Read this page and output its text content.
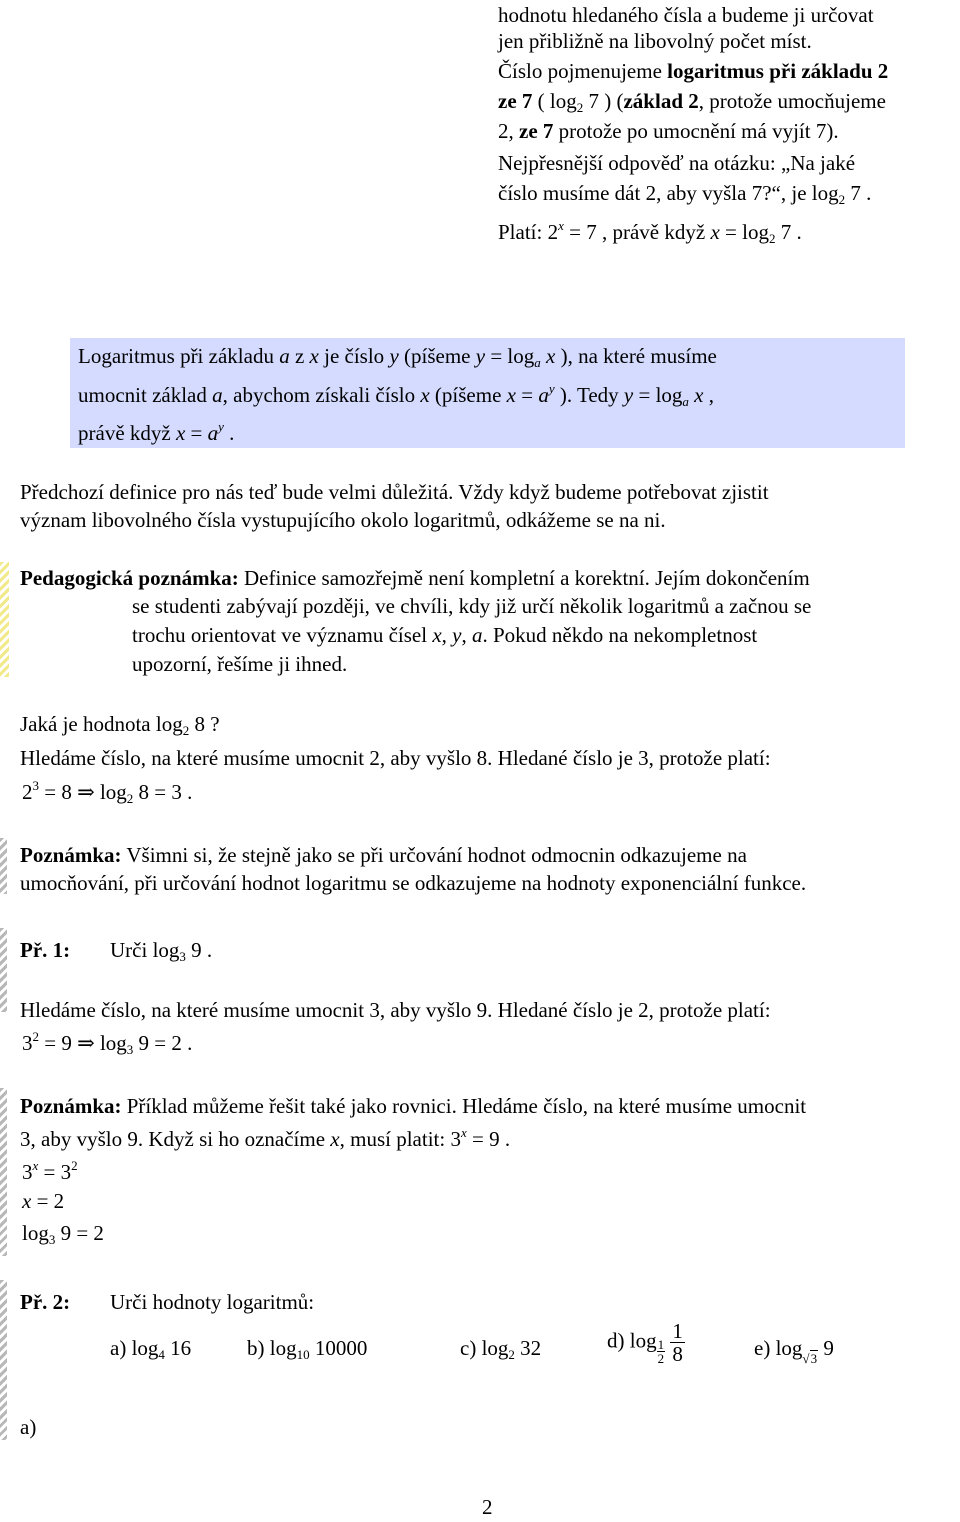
hodnotu hledaného čísla a budeme ji určovat
jen přibližně na libovolný počet míst.
Číslo pojmenujeme logaritmus při základu 2
ze 7 ( $\log_2 7$ ) (základ 2, protože umocňujeme
2, ze 7 protože po umocnění má vyjít 7).
Nejpřesnější odpověď na otázku: „Na jaké
číslo musíme dát 2, aby vyšla 7?“, je $\log_2 7$ .
Platí: $2^x = 7$ , právě když $x = \log_2 7$ .
Logaritmus při základu a z x je číslo y (píšeme $y = \log_a x$ ), na které musíme
umocnit základ a, abychom získali číslo x (píšeme $x = a^y$ ). Tedy $y = \log_a x$ ,
právě když $x = a^y$ .
Předchozí definice pro nás teď bude velmi důležitá. Vždy když budeme potřebovat zjistit
význam libovolného čísla vystupujícího okolo logaritmů, odkážeme se na ni.
Pedagogická poznámka: Definice samozřejmě není kompletní a korektní. Jejím dokončením
se studenti zabývají později, ve chvíli, kdy již určí několik logaritmů a začnou se
trochu orientovat ve významu čísel x, y, a. Pokud někdo na nekompletnost
upozorní, řešíme ji ihned.
Jaká je hodnota $\log_2 8$ ?
Hledáme číslo, na které musíme umocnit 2, aby vyšlo 8. Hledané číslo je 3, protože platí:
$2^3 = 8$ ⇒ $\log_2 8 = 3$ .
Poznámka: Všimni si, že stejně jako se při určování hodnot odmocnin odkazujeme na
umocňování, při určování hodnot logaritmu se odkazujeme na hodnoty exponenciální funkce.
Př. 1: Urči $\log_3 9$ .
Hledáme číslo, na které musíme umocnit 3, aby vyšlo 9. Hledané číslo je 2, protože platí:
$3^2 = 9$ ⇒ $\log_3 9 = 2$ .
Poznámka: Příklad můžeme řešit také jako rovnici. Hledáme číslo, na které musíme umocnit
3, aby vyšlo 9. Když si ho označíme x, musí platit: $3^x = 9$ .
$3^x = 3^2$
x = 2
$\log_3 9 = 2$
Př. 2: Urči hodnoty logaritmů:
a) $\log_4 16$	b) $\log_{10} 10000$	c) $\log_2 32$	d) $\log \frac{1}{2}$
$\frac{1}{8}$	e) log√3 9
a)
2
